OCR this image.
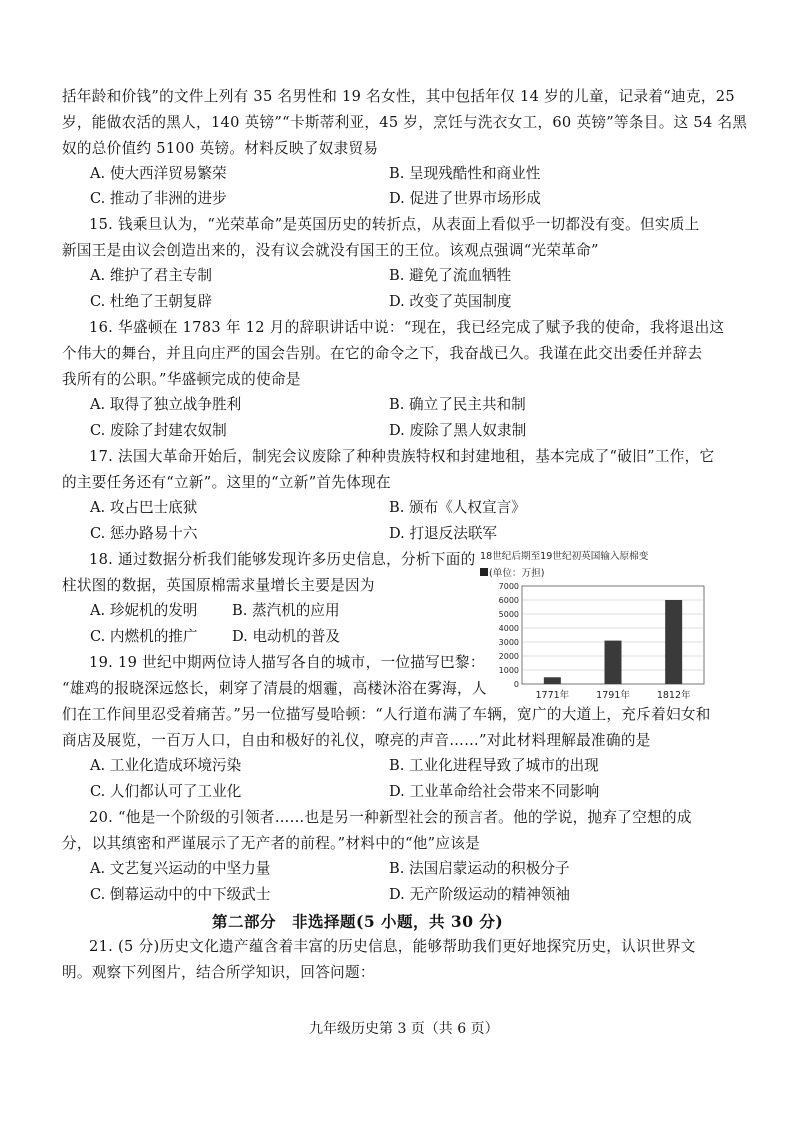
括年龄和价钱”的文件上列有 35 名男性和 19 名女性，其中包括年仅 14 岁的儿童，记录着“迪克，25
岁，能做农活的黑人，140 英镑”“卡斯蒂利亚，45 岁，烹饪与洗衣女工，60 英镑”等条目。这 54 名黑
奴的总价值约 5100 英镑。材料反映了奴隶贸易
A. 使大西洋贸易繁荣	B. 呈现残酷性和商业性
C. 推动了非洲的进步	D. 促进了世界市场形成
15. 钱乘旦认为，“光荣革命”是英国历史的转折点，从表面上看似乎一切都没有变。但实质上
新国王是由议会创造出来的，没有议会就没有国王的王位。该观点强调“光荣革命”
A. 维护了君主专制	B. 避免了流血牺牲
C. 杜绝了王朝复辟	D. 改变了英国制度
16. 华盛顿在 1783 年 12 月的辞职讲话中说：“现在，我已经完成了赋予我的使命，我将退出这
个伟大的舞台，并且向庄严的国会告别。在它的命令之下，我奋战已久。我谨在此交出委任并辞去
我所有的公职。”华盛顿完成的使命是
A. 取得了独立战争胜利	B. 确立了民主共和制
C. 废除了封建农奴制	D. 废除了黑人奴隶制
17. 法国大革命开始后，制宪会议废除了种种贵族特权和封建地租，基本完成了“破旧”工作，它
的主要任务还有“立新”。这里的“立新”首先体现在
A. 攻占巴士底狱	B. 颁布《人权宣言》
C. 惩办路易十六	D. 打退反法联军
18. 通过数据分析我们能够发现许多历史信息，分析下面的
柱状图的数据，英国原棉需求量增长主要是因为
A. 珍妮机的发明 B. 蒸汽机的应用
C. 内燃机的推广 D. 电动机的普及
18世纪后期至19世纪初英国输入原棉变
(单位：万担)
7000
6000
5000
4000
3000
2000
1000
0
1771年	1791年	1812年
19. 19 世纪中期两位诗人描写各自的城市，一位描写巴黎：
“雄鸡的报晓深远悠长，刺穿了清晨的烟霾，高楼沐浴在雾海，人
们在工作间里忍受着痛苦。”另一位描写曼哈顿：“人行道布满了车辆，宽广的大道上，充斥着妇女和
商店及展览，一百万人口，自由和极好的礼仪，嘹亮的声音……”对此材料理解最准确的是
A. 工业化造成环境污染	B. 工业化进程导致了城市的出现
C. 人们都认可了工业化	D. 工业革命给社会带来不同影响
20. “他是一个阶级的引领者……也是另一种新型社会的预言者。他的学说，抛弃了空想的成
分，以其缜密和严谨展示了无产者的前程。”材料中的“他”应该是
A. 文艺复兴运动的中坚力量	B. 法国启蒙运动的积极分子
C. 倒幕运动中的中下级武士	D. 无产阶级运动的精神领袖
第二部分　非选择题(5 小题，共 30 分)
21. (5 分)历史文化遗产蕴含着丰富的历史信息，能够帮助我们更好地探究历史，认识世界文
明。观察下列图片，结合所学知识，回答问题：
九年级历史第 3 页（共 6 页）
